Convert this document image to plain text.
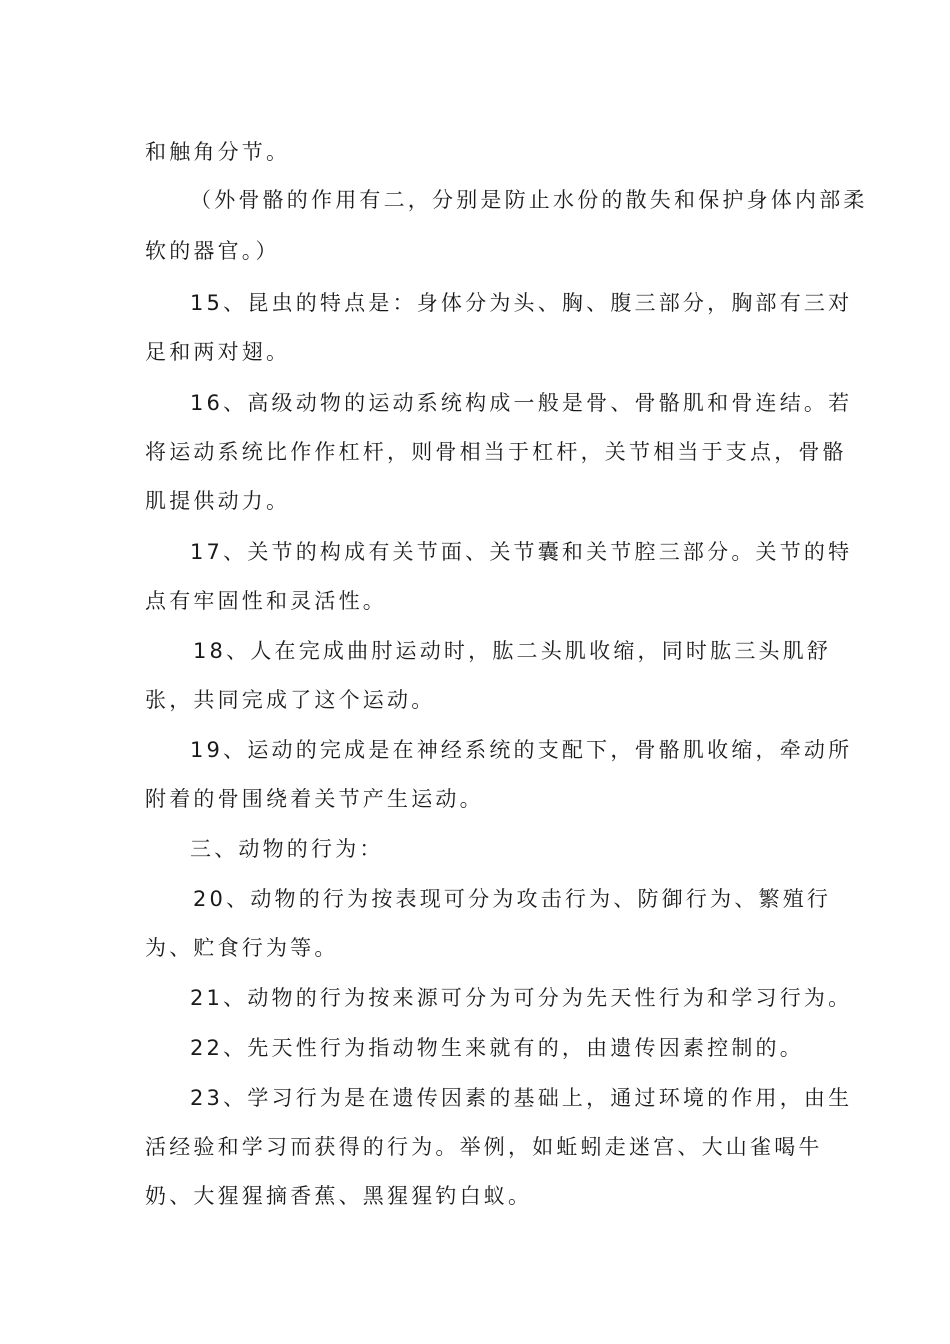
和触角分节。
（外骨骼的作用有二，分别是防止水份的散失和保护身体内部柔
软的器官。）
15、昆虫的特点是：身体分为头、胸、腹三部分，胸部有三对
足和两对翅。
16、高级动物的运动系统构成一般是骨、骨骼肌和骨连结。若
将运动系统比作作杠杆，则骨相当于杠杆，关节相当于支点，骨骼
肌提供动力。
17、关节的构成有关节面、关节囊和关节腔三部分。关节的特
点有牢固性和灵活性。
18、人在完成曲肘运动时，肱二头肌收缩，同时肱三头肌舒
张，共同完成了这个运动。
19、运动的完成是在神经系统的支配下，骨骼肌收缩，牵动所
附着的骨围绕着关节产生运动。
三、动物的行为：
20、动物的行为按表现可分为攻击行为、防御行为、繁殖行
为、贮食行为等。
21、动物的行为按来源可分为可分为先天性行为和学习行为。
22、先天性行为指动物生来就有的，由遗传因素控制的。
23、学习行为是在遗传因素的基础上，通过环境的作用，由生
活经验和学习而获得的行为。举例，如蚯蚓走迷宫、大山雀喝牛
奶、大猩猩摘香蕉、黑猩猩钓白蚁。
